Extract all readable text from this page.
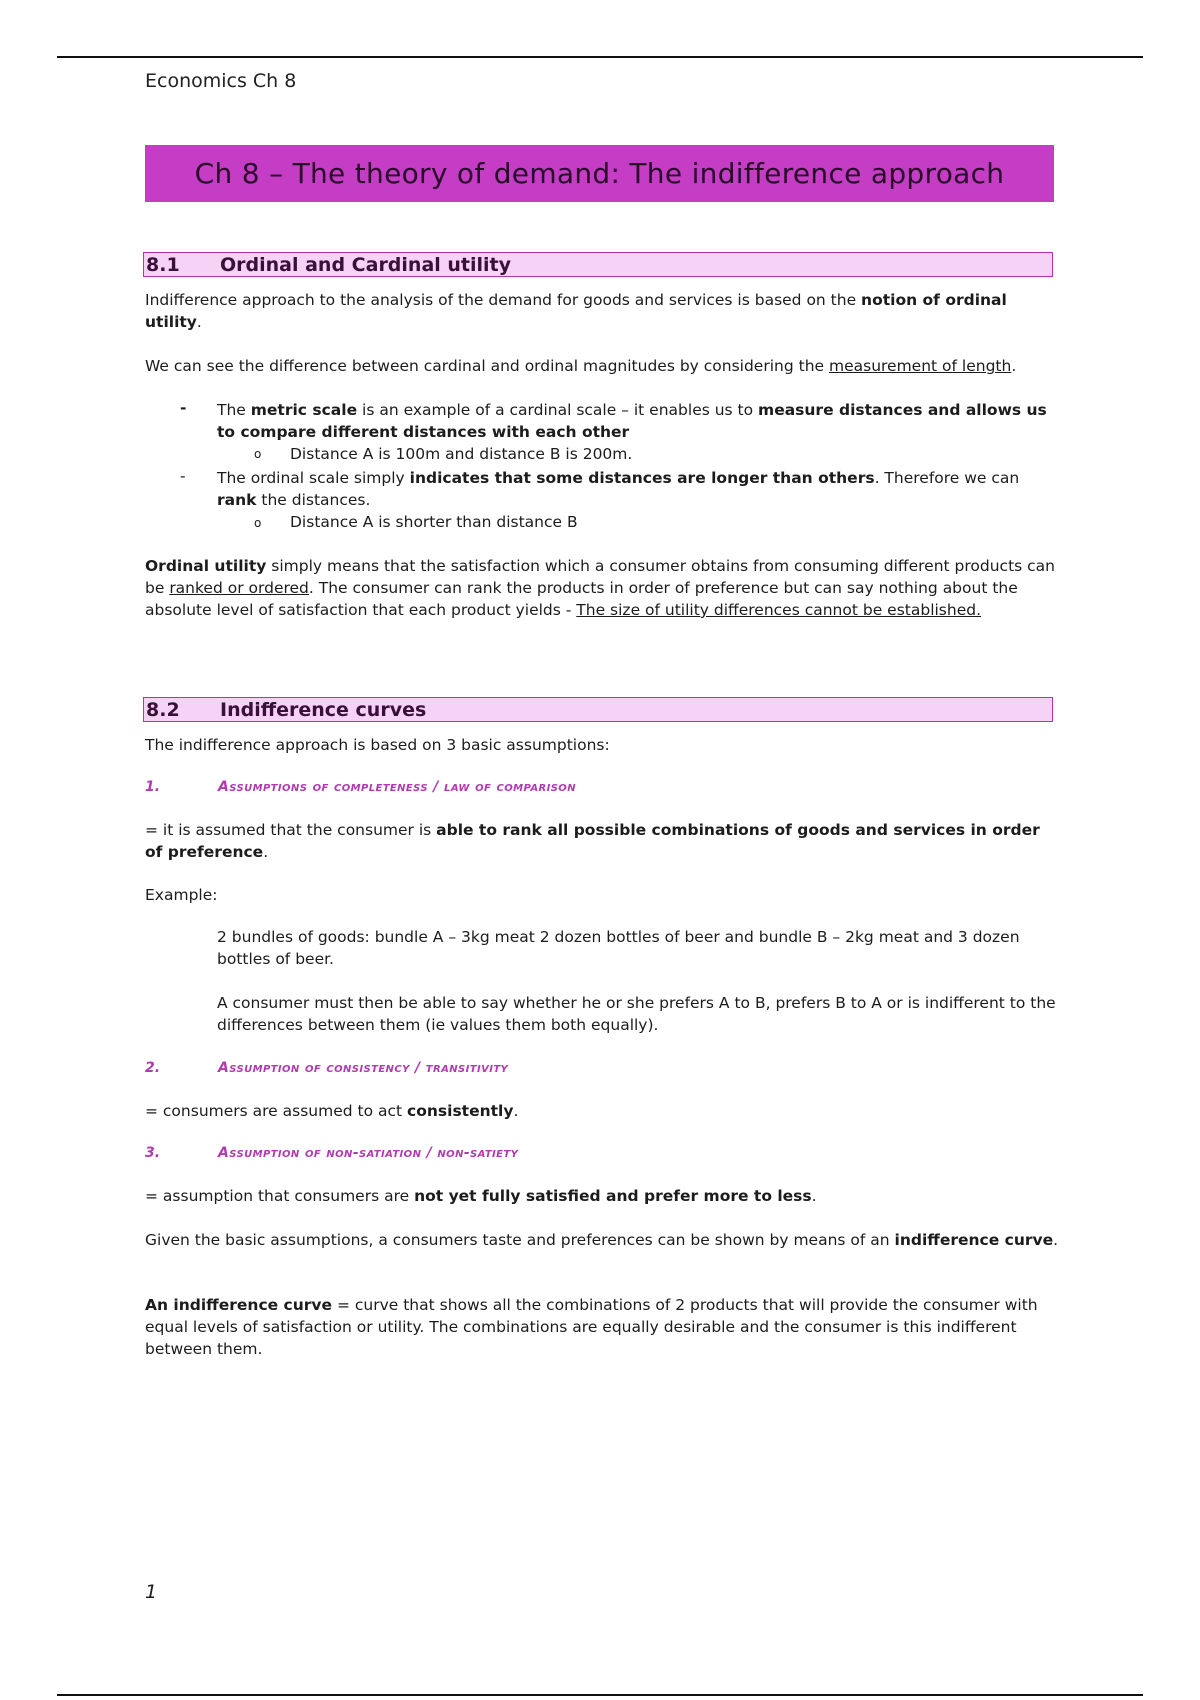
Economics Ch 8
Ch 8 – The theory of demand: The indifference approach
8.1	Ordinal and Cardinal utility
Indifference approach to the analysis of the demand for goods and services is based on the notion of ordinal utility.
We can see the difference between cardinal and ordinal magnitudes by considering the measurement of length.
- The metric scale is an example of a cardinal scale – it enables us to measure distances and allows us to compare different distances with each other
o Distance A is 100m and distance B is 200m.
- The ordinal scale simply indicates that some distances are longer than others. Therefore we can rank the distances.
o Distance A is shorter than distance B
Ordinal utility simply means that the satisfaction which a consumer obtains from consuming different products can be ranked or ordered. The consumer can rank the products in order of preference but can say nothing about the absolute level of satisfaction that each product yields - The size of utility differences cannot be established.
8.2	Indifference curves
The indifference approach is based on 3 basic assumptions:
1.	Assumptions of completeness / law of comparison
= it is assumed that the consumer is able to rank all possible combinations of goods and services in order of preference.
Example:
2 bundles of goods: bundle A – 3kg meat 2 dozen bottles of beer and bundle B – 2kg meat and 3 dozen bottles of beer.
A consumer must then be able to say whether he or she prefers A to B, prefers B to A or is indifferent to the differences between them (ie values them both equally).
2.	Assumption of consistency / transitivity
= consumers are assumed to act consistently.
3.	Assumption of non-satiation / non-satiety
= assumption that consumers are not yet fully satisfied and prefer more to less.
Given the basic assumptions, a consumers taste and preferences can be shown by means of an indifference curve.
An indifference curve = curve that shows all the combinations of 2 products that will provide the consumer with equal levels of satisfaction or utility. The combinations are equally desirable and the consumer is this indifferent between them.
1
